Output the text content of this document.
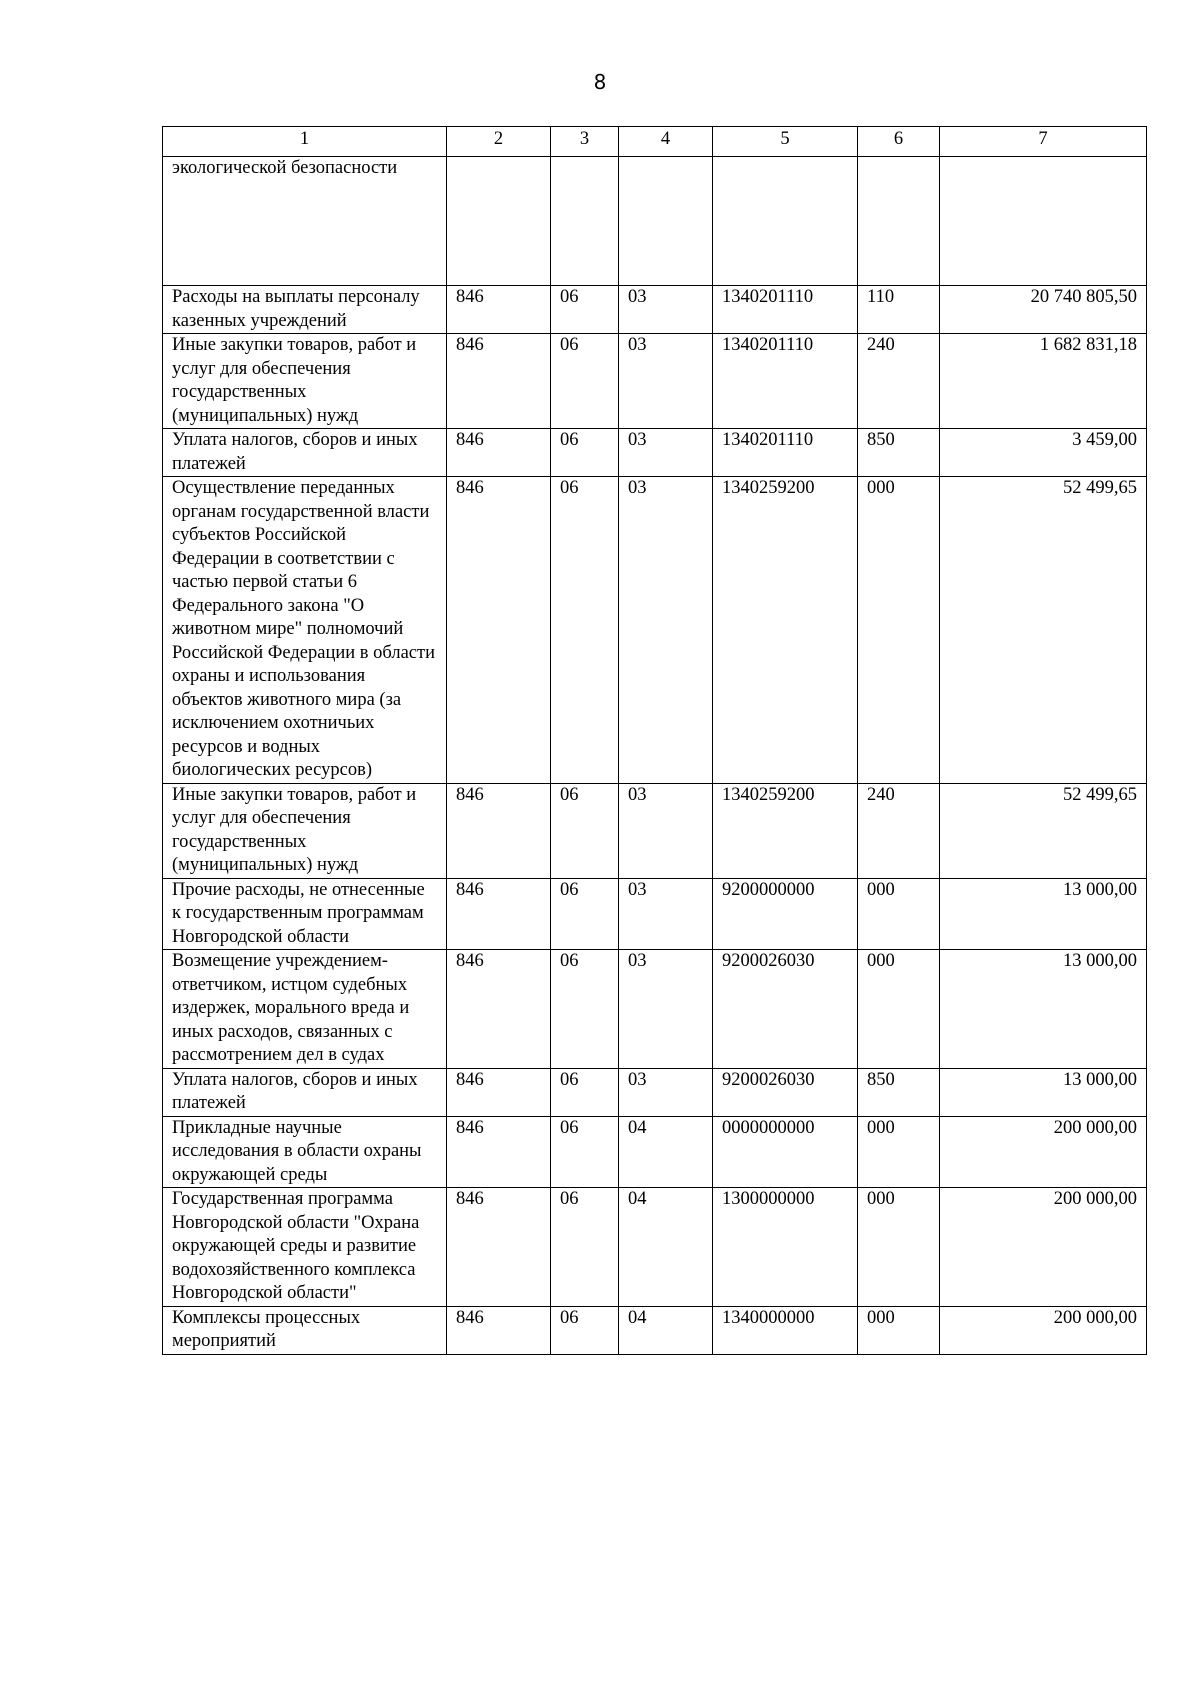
8
1	2	3	4	5	6	7
экологической безопасности						
Расходы на выплаты персоналу казенных учреждений	846	06	03	1340201110	110	20 740 805,50
Иные закупки товаров, работ и услуг для обеспечения государственных (муниципальных) нужд	846	06	03	1340201110	240	1 682 831,18
Уплата налогов, сборов и иных платежей	846	06	03	1340201110	850	3 459,00
Осуществление переданных органам государственной власти субъектов Российской Федерации в соответствии с частью первой статьи 6 Федерального закона "О животном мире" полномочий Российской Федерации в области охраны и использования объектов животного мира (за исключением охотничьих ресурсов и водных биологических ресурсов)	846	06	03	1340259200	000	52 499,65
Иные закупки товаров, работ и услуг для обеспечения государственных (муниципальных) нужд	846	06	03	1340259200	240	52 499,65
Прочие расходы, не отнесенные к государственным программам Новгородской области	846	06	03	9200000000	000	13 000,00
Возмещение учреждением-ответчиком, истцом судебных издержек, морального вреда и иных расходов, связанных с рассмотрением дел в судах	846	06	03	9200026030	000	13 000,00
Уплата налогов, сборов и иных платежей	846	06	03	9200026030	850	13 000,00
Прикладные научные исследования в области охраны окружающей среды	846	06	04	0000000000	000	200 000,00
Государственная программа Новгородской области "Охрана окружающей среды и развитие водохозяйственного комплекса Новгородской области"	846	06	04	1300000000	000	200 000,00
Комплексы процессных мероприятий	846	06	04	1340000000	000	200 000,00
